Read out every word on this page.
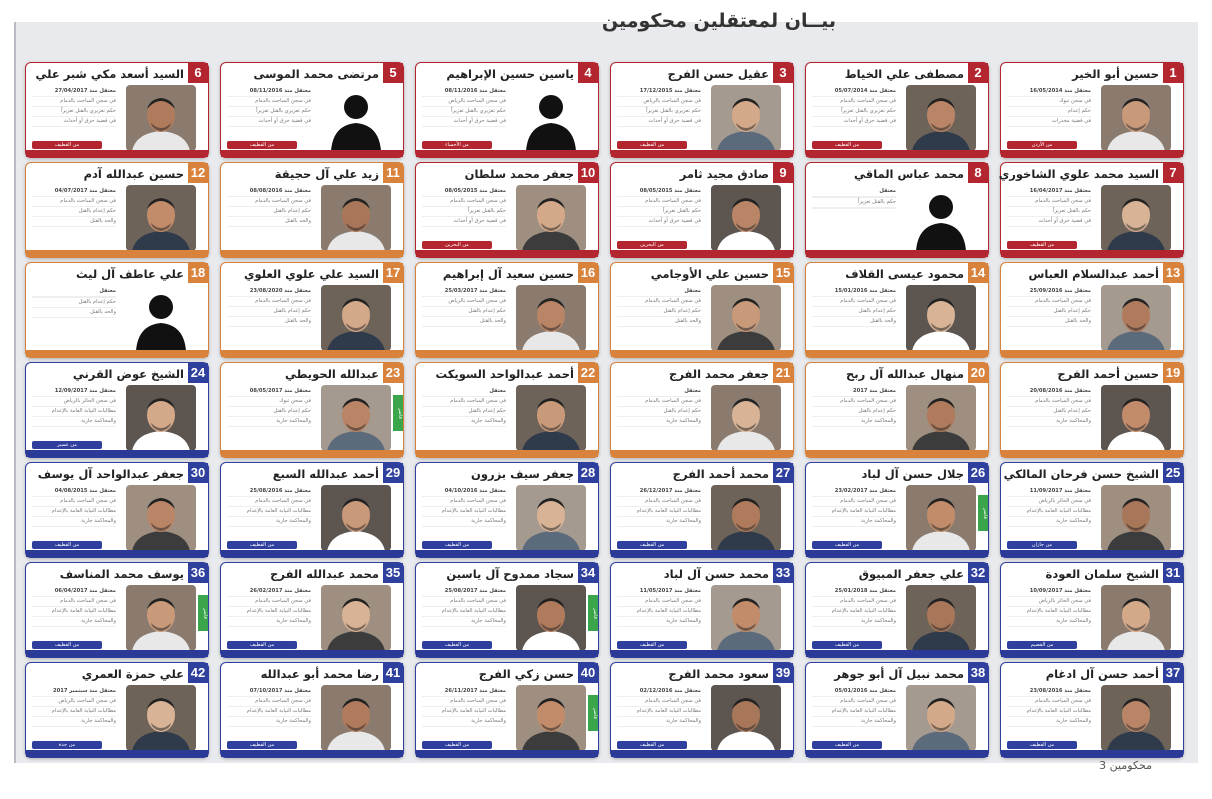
بيــان لمعتقلين محكومين
1
حسين أبو الخير
معتقل منذ 16/05/2014
في سجن تبوك
حكم إعدام
في قضية مخدرات
من الأردن
2
مصطفى علي الخياط
معتقل منذ 05/07/2014
في سجن المباحث بالدمام
حكم تعزيري بالقتل تعزيراً
في قضية حرق أو أحداث
من القطيف
3
عقيل حسن الفرج
معتقل منذ 17/12/2015
في سجن المباحث بالرياض
حكم تعزيري بالقتل تعزيراً
في قضية حرق أو أحداث
من القطيف
4
ياسين حسين الإبراهيم
معتقل منذ 08/11/2016
في سجن المباحث بالرياض
حكم تعزيري بالقتل تعزيراً
في قضية حرق أو أحداث
من الأحساء
5
مرتضى محمد الموسى
معتقل منذ 08/11/2016
في سجن المباحث بالدمام
حكم تعزيري بالقتل تعزيراً
في قضية حرق أو أحداث
من القطيف
6
السيد أسعد مكي شبر علي
معتقل منذ 27/04/2017
في سجن المباحث بالدمام
حكم تعزيري بالقتل تعزيراً
في قضية حرق أو أحداث
من القطيف
7
السيد محمد علوي الشاخوري
معتقل منذ 16/04/2017
في سجن المباحث بالدمام
حكم بالقتل تعزيراً
في قضية حرق أو أحداث
من القطيف
8
محمد عباس الماقي
معتقل
حكم بالقتل تعزيراً
9
صادق مجيد ثامر
معتقل منذ 08/05/2015
في سجن المباحث بالدمام
حكم بالقتل تعزيراً
في قضية حرق أو أحداث
من البحرين
10
جعفر محمد سلطان
معتقل منذ 08/05/2015
في سجن المباحث بالدمام
حكم بالقتل تعزيراً
في قضية حرق أو أحداث
من البحرين
11
زيد علي آل حجيقة
معتقل منذ 08/08/2016
في سجن المباحث بالدمام
حكم إعدام بالقتل
والحد بالقتل
12
حسين عبدالله آدم
معتقل منذ 04/07/2017
في سجن المباحث بالدمام
حكم إعدام بالقتل
والحد بالقتل
13
أحمد عبدالسلام العباس
معتقل منذ 25/09/2016
في سجن المباحث بالدمام
حكم إعدام بالقتل
والحد بالقتل
14
محمود عيسى القلاف
معتقل منذ 15/01/2016
في سجن المباحث بالدمام
حكم إعدام بالقتل
والحد بالقتل
15
حسين علي الأوجامي
معتقل
في سجن المباحث بالدمام
حكم إعدام بالقتل
والحد بالقتل
16
حسين سعيد آل إبراهيم
معتقل منذ 25/03/2017
في سجن المباحث بالرياض
حكم إعدام بالقتل
والحد بالقتل
17
السيد علي علوي العلوي
معتقل منذ 23/08/2020
في سجن المباحث بالدمام
حكم إعدام بالقتل
والحد بالقتل
18
علي عاطف آل ليث
معتقل
حكم إعدام بالقتل
والحد بالقتل
19
حسين أحمد الفرج
معتقل منذ 20/08/2016
في سجن المباحث بالدمام
حكم إعدام بالقتل
والمحاكمة جارية
20
منهال عبدالله آل ربح
معتقل منذ 2017
في سجن المباحث بالدمام
حكم إعدام بالقتل
والمحاكمة جارية
21
جعفر محمد الفرج
معتقل
في سجن المباحث بالدمام
حكم إعدام بالقتل
والمحاكمة جارية
22
أحمد عبدالواحد السويكت
معتقل
في سجن المباحث بالدمام
حكم إعدام بالقتل
والمحاكمة جارية
23
عبدالله الحويطي
معتقل منذ 08/05/2017
في سجن تبوك
حكم إعدام بالقتل
والمحاكمة جارية
قاصر
24
الشيخ عوض القرني
معتقل منذ 12/09/2017
في سجن الحائر بالرياض
مطالبات النيابة العامة بالإعدام
والمحاكمة جارية
من عسير
25
الشيخ حسن فرحان المالكي
معتقل منذ 11/09/2017
في سجن الحائر بالرياض
مطالبات النيابة العامة بالإعدام
والمحاكمة جارية
من جازان
26
جلال حسن آل لباد
معتقل منذ 23/02/2017
في سجن المباحث بالدمام
مطالبات النيابة العامة بالإعدام
والمحاكمة جارية
من القطيف
قاصر
27
محمد أحمد الفرج
معتقل منذ 26/12/2017
في سجن المباحث بالدمام
مطالبات النيابة العامة بالإعدام
والمحاكمة جارية
من القطيف
28
جعفر سيف بزرون
معتقل منذ 04/10/2016
في سجن المباحث بالدمام
مطالبات النيابة العامة بالإعدام
والمحاكمة جارية
من القطيف
29
أحمد عبدالله السبع
معتقل منذ 25/08/2016
في سجن المباحث بالدمام
مطالبات النيابة العامة بالإعدام
والمحاكمة جارية
من القطيف
30
جعفر عبدالواحد آل يوسف
معتقل منذ 04/08/2015
في سجن المباحث بالدمام
مطالبات النيابة العامة بالإعدام
والمحاكمة جارية
من القطيف
31
الشيخ سلمان العودة
معتقل منذ 10/09/2017
في سجن الحائر بالرياض
مطالبات النيابة العامة بالإعدام
والمحاكمة جارية
من القصيم
32
علي جعفر المبيوق
معتقل منذ 25/01/2018
في سجن المباحث بالدمام
مطالبات النيابة العامة بالإعدام
والمحاكمة جارية
من القطيف
33
محمد حسن آل لباد
معتقل منذ 11/05/2017
في سجن المباحث بالدمام
مطالبات النيابة العامة بالإعدام
والمحاكمة جارية
من القطيف
34
سجاد ممدوح آل ياسين
معتقل منذ 25/08/2017
في سجن المباحث بالدمام
مطالبات النيابة العامة بالإعدام
والمحاكمة جارية
من القطيف
قاصر
35
محمد عبدالله الفرج
معتقل منذ 26/02/2017
في سجن المباحث بالدمام
مطالبات النيابة العامة بالإعدام
والمحاكمة جارية
من القطيف
36
يوسف محمد المناسف
معتقل منذ 06/04/2017
في سجن المباحث بالدمام
مطالبات النيابة العامة بالإعدام
والمحاكمة جارية
من القطيف
قاصر
37
أحمد حسن آل ادغام
معتقل منذ 23/08/2016
في سجن المباحث بالدمام
مطالبات النيابة العامة بالإعدام
والمحاكمة جارية
من القطيف
38
محمد نبيل آل أبو جوهر
معتقل منذ 05/01/2016
في سجن المباحث بالدمام
مطالبات النيابة العامة بالإعدام
والمحاكمة جارية
من القطيف
39
سعود محمد الفرج
معتقل منذ 02/12/2016
في سجن المباحث بالدمام
مطالبات النيابة العامة بالإعدام
والمحاكمة جارية
من القطيف
40
حسن زكي الفرج
معتقل منذ 26/11/2017
في سجن المباحث بالدمام
مطالبات النيابة العامة بالإعدام
والمحاكمة جارية
من القطيف
قاصر
41
رضا محمد أبو عبدالله
معتقل منذ 07/10/2017
في سجن المباحث بالدمام
مطالبات النيابة العامة بالإعدام
والمحاكمة جارية
من القطيف
42
علي حمزة العمري
معتقل منذ سبتمبر 2017
في سجن المباحث بالرياض
مطالبات النيابة العامة بالإعدام
والمحاكمة جارية
من جدة
محكومين 3
